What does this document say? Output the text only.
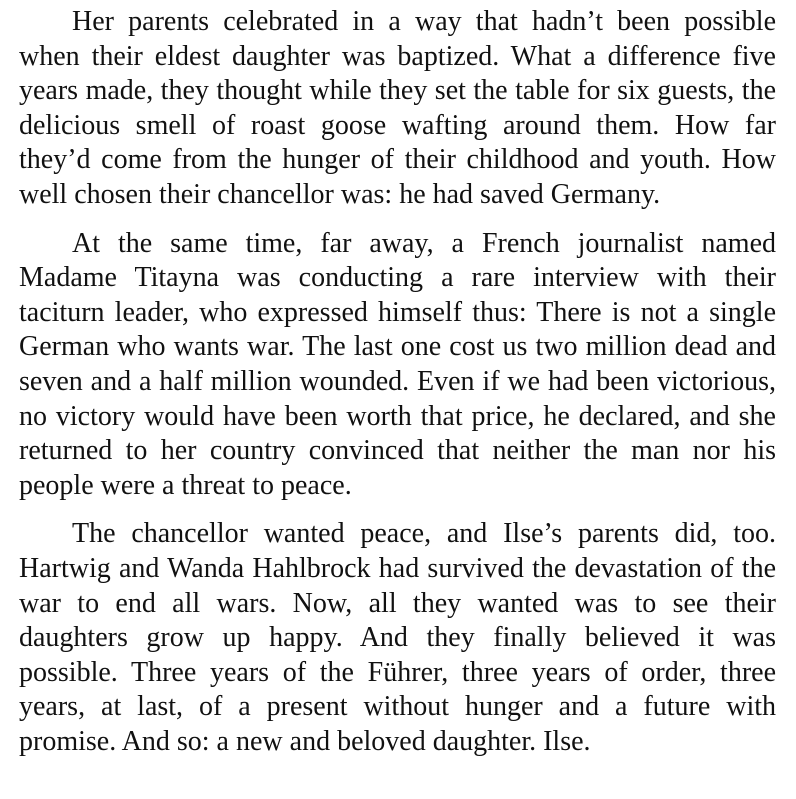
Her parents celebrated in a way that hadn’t been possible when their eldest daughter was baptized. What a difference five years made, they thought while they set the table for six guests, the delicious smell of roast goose wafting around them. How far they’d come from the hunger of their childhood and youth. How well chosen their chancellor was: he had saved Germany.

At the same time, far away, a French journalist named Madame Titayna was conducting a rare interview with their taciturn leader, who expressed himself thus: There is not a single German who wants war. The last one cost us two million dead and seven and a half million wounded. Even if we had been victorious, no victory would have been worth that price, he declared, and she returned to her country convinced that neither the man nor his people were a threat to peace.

The chancellor wanted peace, and Ilse’s parents did, too. Hartwig and Wanda Hahlbrock had survived the devastation of the war to end all wars. Now, all they wanted was to see their daughters grow up happy. And they finally believed it was possible. Three years of the Führer, three years of order, three years, at last, of a present without hunger and a future with promise. And so: a new and beloved daughter. Ilse.
